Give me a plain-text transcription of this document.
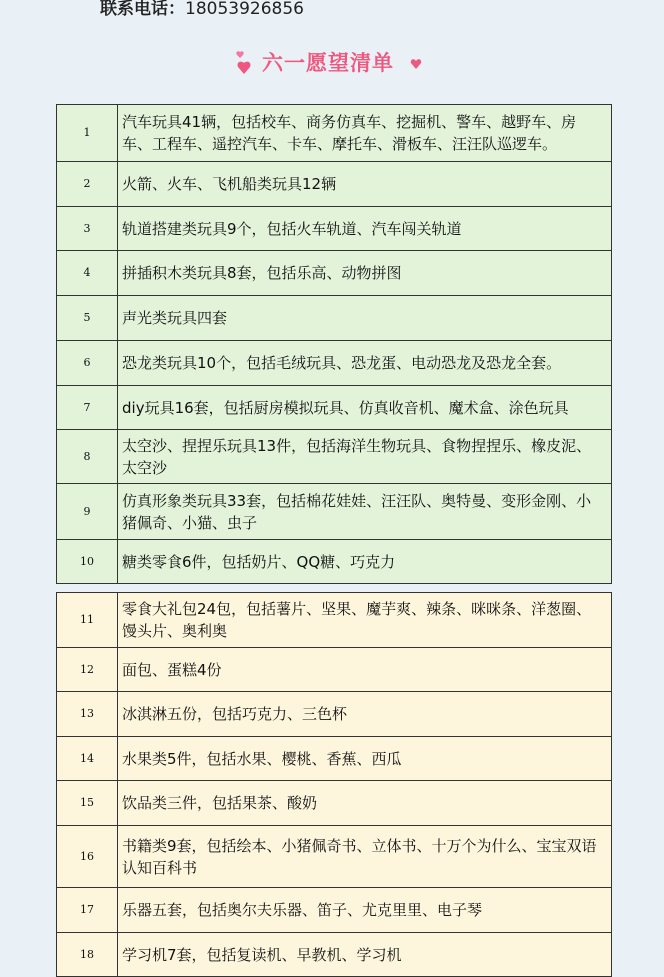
联系电话：18053926856
六一愿望清单
1	汽车玩具41辆，包括校车、商务仿真车、挖掘机、警车、越野车、房车、工程车、遥控汽车、卡车、摩托车、滑板车、汪汪队巡逻车。
2	火箭、火车、飞机船类玩具12辆
3	轨道搭建类玩具9个，包括火车轨道、汽车闯关轨道
4	拼插积木类玩具8套，包括乐高、动物拼图
5	声光类玩具四套
6	恐龙类玩具10个，包括毛绒玩具、恐龙蛋、电动恐龙及恐龙全套。
7	diy玩具16套，包括厨房模拟玩具、仿真收音机、魔术盒、涂色玩具
8	太空沙、捏捏乐玩具13件，包括海洋生物玩具、食物捏捏乐、橡皮泥、太空沙
9	仿真形象类玩具33套，包括棉花娃娃、汪汪队、奥特曼、变形金刚、小猪佩奇、小猫、虫子
10	糖类零食6件，包括奶片、QQ糖、巧克力
11	零食大礼包24包，包括薯片、坚果、魔芋爽、辣条、咪咪条、洋葱圈、馒头片、奥利奥
12	面包、蛋糕4份
13	冰淇淋五份，包括巧克力、三色杯
14	水果类5件，包括水果、樱桃、香蕉、西瓜
15	饮品类三件，包括果茶、酸奶
16	书籍类9套，包括绘本、小猪佩奇书、立体书、十万个为什么、宝宝双语认知百科书
17	乐器五套，包括奥尔夫乐器、笛子、尤克里里、电子琴
18	学习机7套，包括复读机、早教机、学习机
